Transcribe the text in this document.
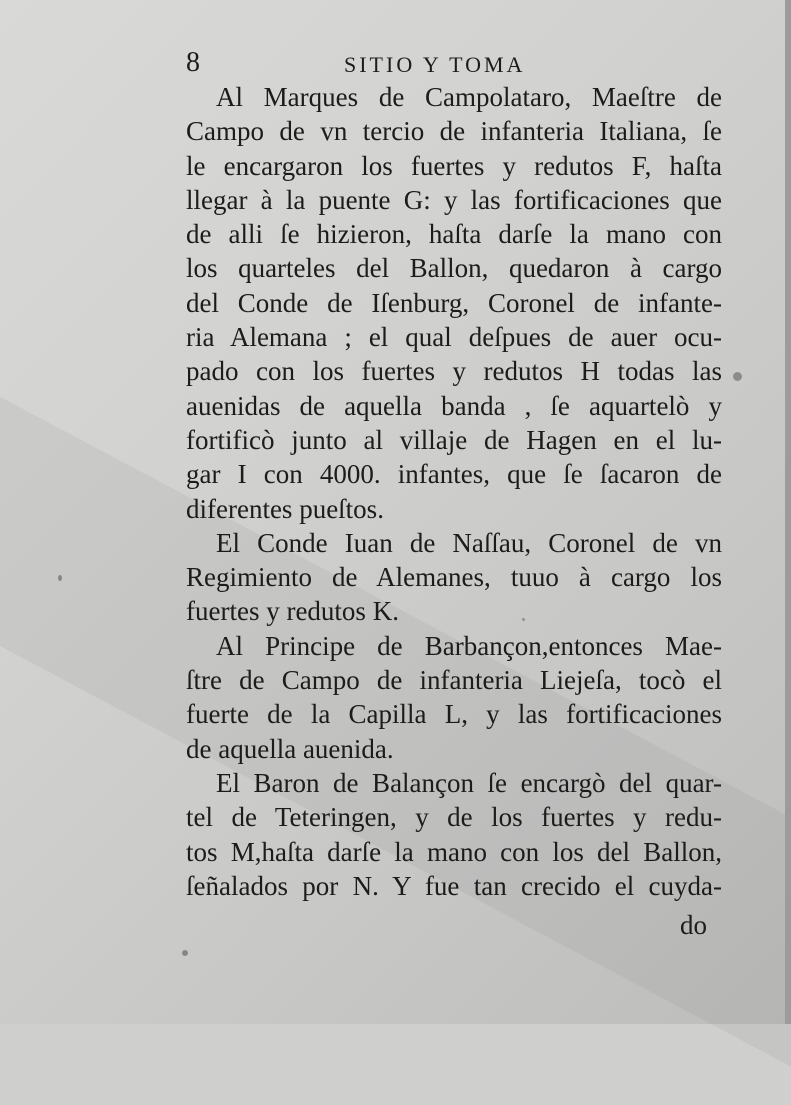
8	SITIO Y TOMA
Al Marques de Campolataro, Maeſtre de
Campo de vn tercio de infanteria Italiana, ſe
le encargaron los fuertes y redutos F, haſta
llegar à la puente G: y las fortificaciones que
de alli ſe hizieron, haſta darſe la mano con
los quarteles del Ballon, quedaron à cargo
del Conde de Iſenburg, Coronel de infante-
ria Alemana ; el qual deſpues de auer ocu-
pado con los fuertes y redutos H todas las
auenidas de aquella banda , ſe aquartelò y
fortificò junto al villaje de Hagen en el lu-
gar I con 4000. infantes, que ſe ſacaron de
diferentes pueſtos.
El Conde Iuan de Naſſau, Coronel de vn
Regimiento de Alemanes, tuuo à cargo los
fuertes y redutos K.
Al Principe de Barbançon,entonces Mae-
ſtre de Campo de infanteria Liejeſa, tocò el
fuerte de la Capilla L, y las fortificaciones
de aquella auenida.
El Baron de Balançon ſe encargò del quar-
tel de Teteringen, y de los fuertes y redu-
tos M,haſta darſe la mano con los del Ballon,
ſeñalados por N. Y fue tan crecido el cuyda-
do
